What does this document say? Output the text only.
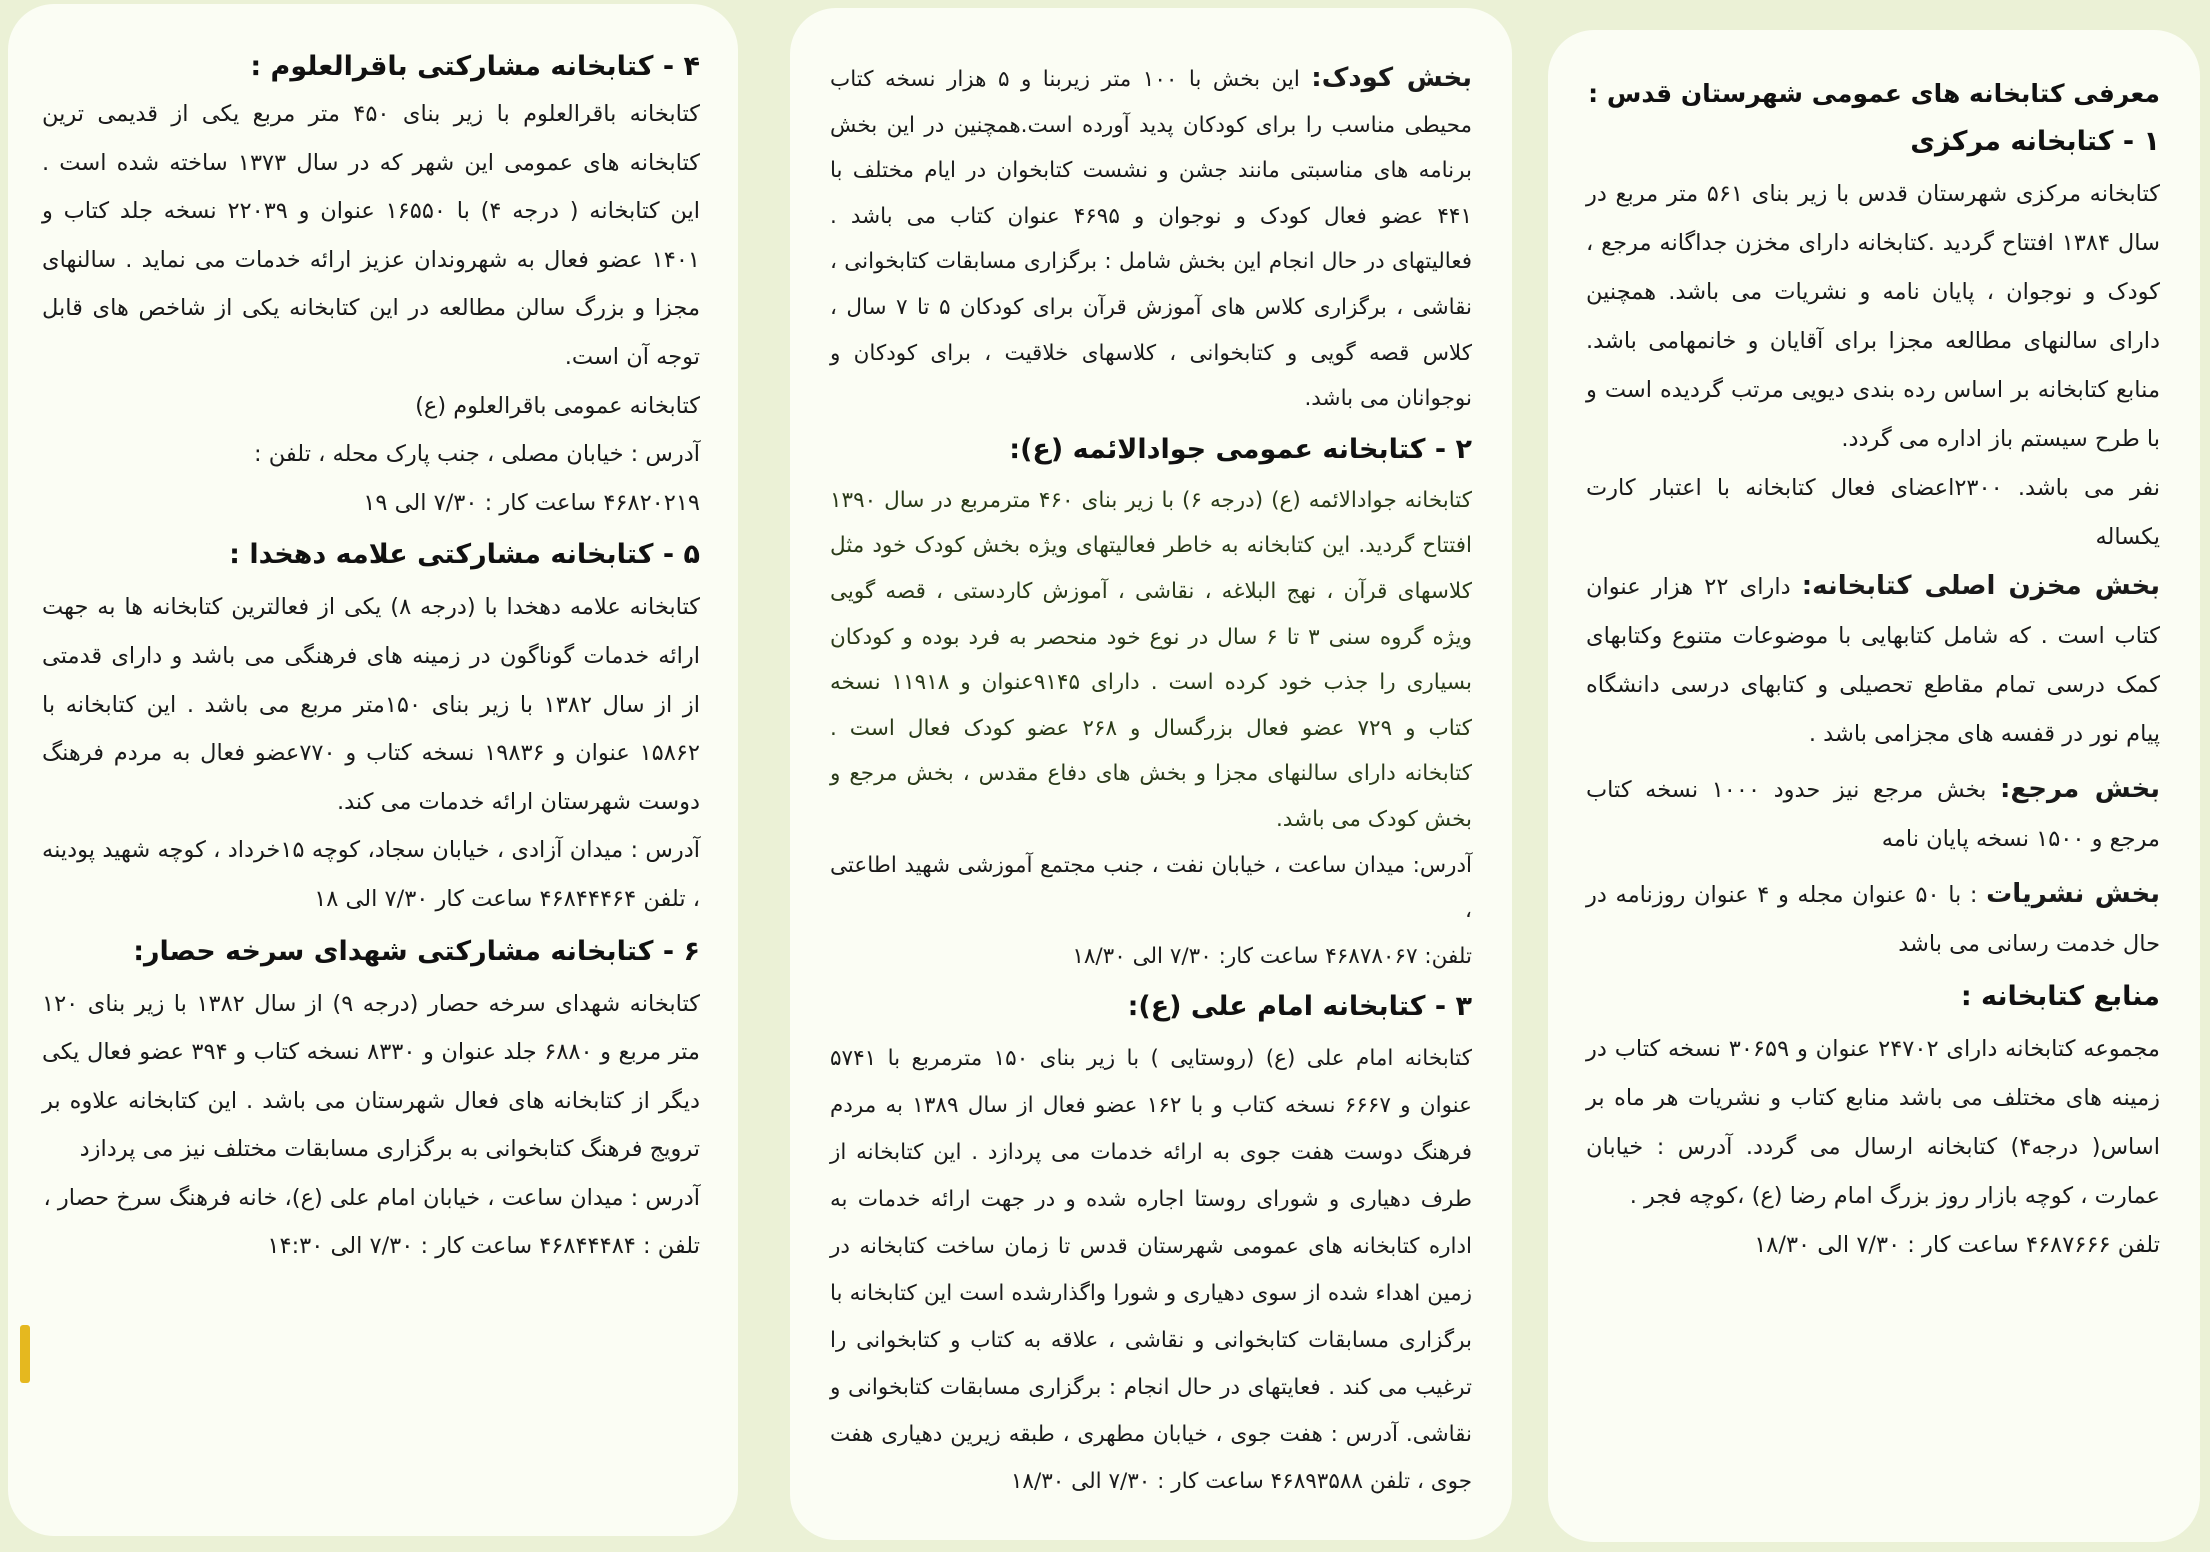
معرفی کتابخانه های عمومی شهرستان قدس :

۱ - کتابخانه مرکزی

کتابخانه مرکزی شهرستان قدس با زیر بنای ۵۶۱ متر مربع در سال ۱۳۸۴ افتتاح گردید .کتابخانه دارای مخزن جداگانه مرجع ، کودک و نوجوان ، پایان نامه و نشریات می باشد. همچنین دارای سالنهای مطالعه مجزا برای آقایان و خانمهامی باشد. منابع کتابخانه بر اساس رده بندی دیویی مرتب گردیده است و با طرح سیستم باز اداره می گردد.

نفر می باشد. ۲۳۰۰اعضای فعال کتابخانه با اعتبار کارت یکساله

بخش مخزن اصلی کتابخانه: دارای ۲۲ هزار عنوان کتاب است . که شامل کتابهایی با موضوعات متنوع وکتابهای کمک درسی تمام مقاطع تحصیلی و کتابهای درسی دانشگاه پیام نور در قفسه های مجزامی باشد .

بخش مرجع: بخش مرجع نیز حدود ۱۰۰۰ نسخه کتاب مرجع و ۱۵۰۰ نسخه پایان نامه

بخش نشریات : با ۵۰ عنوان مجله و ۴ عنوان روزنامه در حال خدمت رسانی می باشد

منابع کتابخانه :

مجموعه کتابخانه دارای ۲۴۷۰۲ عنوان و ۳۰۶۵۹ نسخه کتاب در زمینه های مختلف می باشد منابع کتاب و نشریات هر ماه بر اساس( درجه۴) کتابخانه ارسال می گردد. آدرس : خیابان عمارت ، کوچه بازار روز بزرگ امام رضا (ع) ،کوچه فجر .

تلفن ۴۶۸۷۶۶۶ ساعت کار : ۷/۳۰ الی ۱۸/۳۰

بخش کودک: این بخش با ۱۰۰ متر زیربنا و ۵ هزار نسخه کتاب محیطی مناسب را برای کودکان پدید آورده است.همچنین در این بخش برنامه های مناسبتی مانند جشن و نشست کتابخوان در ایام مختلف با ۴۴۱ عضو فعال کودک و نوجوان و ۴۶۹۵ عنوان کتاب می باشد . فعالیتهای در حال انجام این بخش شامل : برگزاری مسابقات کتابخوانی ، نقاشی ، برگزاری کلاس های آموزش قرآن برای کودکان ۵ تا ۷ سال ، کلاس قصه گویی و کتابخوانی ، کلاسهای خلاقیت ، برای کودکان و نوجوانان می باشد.

۲ - کتابخانه عمومی جوادالائمه (ع):

کتابخانه جوادالائمه (ع) (درجه ۶) با زیر بنای ۴۶۰ مترمربع در سال ۱۳۹۰ افتتاح گردید. این کتابخانه به خاطر فعالیتهای ویژه بخش کودک خود مثل کلاسهای قرآن ، نهج البلاغه ، نقاشی ، آموزش کاردستی ، قصه گویی ویژه گروه سنی ۳ تا ۶ سال در نوع خود منحصر به فرد بوده و کودکان بسیاری را جذب خود کرده است . دارای ۹۱۴۵عنوان و ۱۱۹۱۸ نسخه کتاب و ۷۲۹ عضو فعال بزرگسال و ۲۶۸ عضو کودک فعال است . کتابخانه دارای سالنهای مجزا و بخش های دفاع مقدس ، بخش مرجع و بخش کودک می باشد.

آدرس: میدان ساعت ، خیابان نفت ، جنب مجتمع آموزشی شهید اطاعتی ،

تلفن: ۴۶۸۷۸۰۶۷ ساعت کار: ۷/۳۰ الی ۱۸/۳۰

۳ - کتابخانه امام علی (ع):

کتابخانه امام علی (ع) (روستایی ) با زیر بنای ۱۵۰ مترمربع با ۵۷۴۱ عنوان و ۶۶۶۷ نسخه کتاب و با ۱۶۲ عضو فعال از سال ۱۳۸۹ به مردم فرهنگ دوست هفت جوی به ارائه خدمات می پردازد . این کتابخانه از طرف دهیاری و شورای روستا اجاره شده و در جهت ارائه خدمات به اداره کتابخانه های عمومی شهرستان قدس تا زمان ساخت کتابخانه در زمین اهداء شده از سوی دهیاری و شورا واگذارشده است این کتابخانه با برگزاری مسابقات کتابخوانی و نقاشی ، علاقه به کتاب و کتابخوانی را ترغیب می کند . فعایتهای در حال انجام : برگزاری مسابقات کتابخوانی و نقاشی. آدرس : هفت جوی ، خیابان مطهری ، طبقه زیرین دهیاری هفت جوی ، تلفن ۴۶۸۹۳۵۸۸ ساعت کار : ۷/۳۰ الی ۱۸/۳۰

۴ - کتابخانه مشارکتی باقرالعلوم :

کتابخانه باقرالعلوم با زیر بنای ۴۵۰ متر مربع یکی از قدیمی ترین کتابخانه های عمومی این شهر که در سال ۱۳۷۳ ساخته شده است . این کتابخانه ( درجه ۴) با ۱۶۵۵۰ عنوان و ۲۲۰۳۹ نسخه جلد کتاب و ۱۴۰۱ عضو فعال به شهروندان عزیز ارائه خدمات می نماید . سالنهای مجزا و بزرگ سالن مطالعه در این کتابخانه یکی از شاخص های قابل توجه آن است.

کتابخانه عمومی باقرالعلوم (ع)

آدرس : خیابان مصلی ، جنب پارک محله ، تلفن :

۴۶۸۲۰۲۱۹ ساعت کار : ۷/۳۰ الی ۱۹

۵ - کتابخانه مشارکتی علامه دهخدا :

کتابخانه علامه دهخدا با (درجه ۸) یکی از فعالترین کتابخانه ها به جهت ارائه خدمات گوناگون در زمینه های فرهنگی می باشد و دارای قدمتی از از سال ۱۳۸۲ با زیر بنای ۱۵۰متر مربع می باشد . این کتابخانه با ۱۵۸۶۲ عنوان و ۱۹۸۳۶ نسخه کتاب و ۷۷۰عضو فعال به مردم فرهنگ دوست شهرستان ارائه خدمات می کند.

آدرس : میدان آزادی ، خیابان سجاد، کوچه ۱۵خرداد ، کوچه شهید پودینه ، تلفن ۴۶۸۴۴۴۶۴ ساعت کار ۷/۳۰ الی ۱۸

۶ - کتابخانه مشارکتی شهدای سرخه حصار:

کتابخانه شهدای سرخه حصار (درجه ۹) از سال ۱۳۸۲ با زیر بنای ۱۲۰ متر مربع و ۶۸۸۰ جلد عنوان و ۸۳۳۰ نسخه کتاب و ۳۹۴ عضو فعال یکی دیگر از کتابخانه های فعال شهرستان می باشد . این کتابخانه علاوه بر ترویج فرهنگ کتابخوانی به برگزاری مسابقات مختلف نیز می پردازد

آدرس : میدان ساعت ، خیابان امام علی (ع)، خانه فرهنگ سرخ حصار ،

تلفن : ۴۶۸۴۴۴۸۴ ساعت کار : ۷/۳۰ الی ۱۴:۳۰
